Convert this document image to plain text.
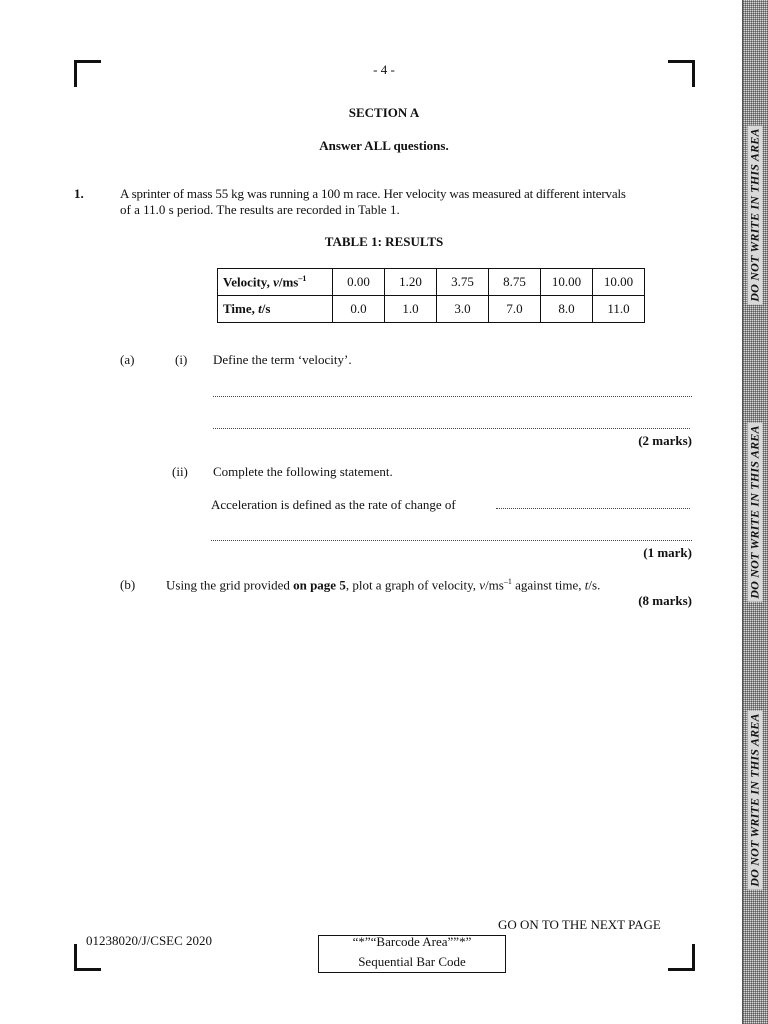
- 4 -
SECTION A
Answer ALL questions.
1.	A sprinter of mass 55 kg was running a 100 m race. Her velocity was measured at different intervals
of a 11.0 s period. The results are recorded in Table 1.
TABLE 1: RESULTS
Velocity, $v/ms^{-1}$	0.00	1.20	3.75	8.75	10.00	10.00
Time, t/s	0.0	1.0	3.0	7.0	8.0	11.0
(a)	(i) Define the term ‘velocity’.
(2 marks)
(ii) Complete the following statement.
Acceleration is defined as the rate of change of
(1 mark)
(b) Using the grid provided on page 5, plot a graph of velocity, $v/ms^{-1}$ against time, t/s.
(8 marks)
GO ON TO THE NEXT PAGE
01238020/J/CSEC 2020	“*”“Barcode Area””*”
Sequential Bar Code
DO NOT WRITE IN THIS AREA
DO NOT WRITE IN THIS AREA
DO NOT WRITE IN THIS AREA
